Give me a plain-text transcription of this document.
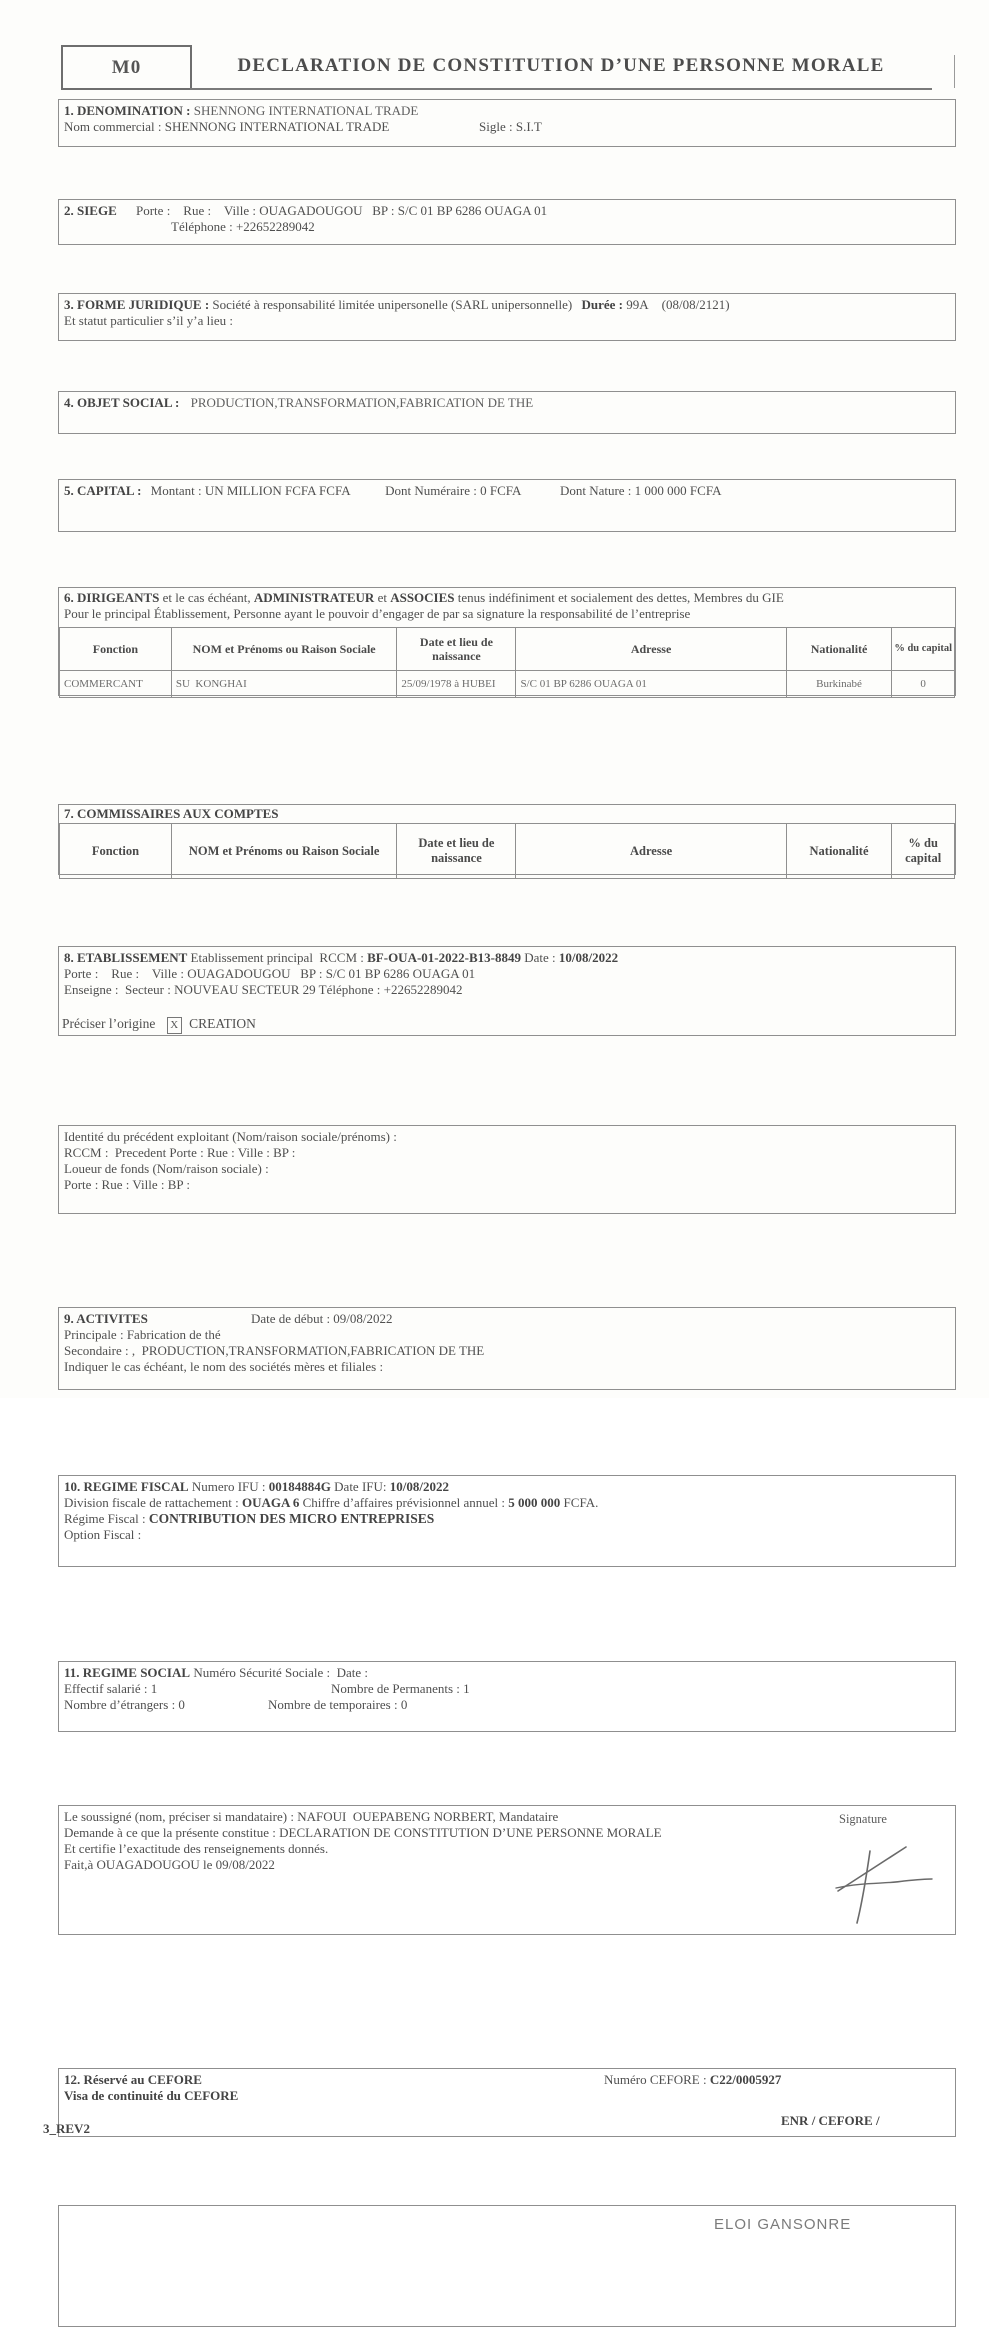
M0	DECLARATION DE CONSTITUTION D’UNE PERSONNE MORALE
1. DENOMINATION : SHENNONG INTERNATIONAL TRADE
Nom commercial : SHENNONG INTERNATIONAL TRADE	Sigle : S.I.T
2. SIEGE Porte :    Rue :    Ville : OUAGADOUGOU   BP : S/C 01 BP 6286 OUAGA 01
Téléphone : +22652289042
3. FORME JURIDIQUE : Société à responsabilité limitée unipersonelle (SARL unipersonnelle) Durée : 99A    (08/08/2121)
Et statut particulier s’il y’a lieu :
4. OBJET SOCIAL : PRODUCTION,TRANSFORMATION,FABRICATION DE THE
5. CAPITAL : Montant : UN MILLION FCFA FCFA	Dont Numéraire : 0 FCFA	Dont Nature : 1 000 000 FCFA
6. DIRIGEANTS et le cas échéant, ADMINISTRATEUR et ASSOCIES tenus indéfiniment et socialement des dettes, Membres du GIE
Pour le principal Établissement, Personne ayant le pouvoir d’engager de par sa signature la responsabilité de l’entreprise
Fonction	NOM et Prénoms ou Raison Sociale	Date et lieu de naissance	Adresse	Nationalité	% du capital
COMMERCANT	SU  KONGHAI	25/09/1978 à HUBEI	S/C 01 BP 6286 OUAGA 01	Burkinabé	0
7. COMMISSAIRES AUX COMPTES
Fonction	NOM et Prénoms ou Raison Sociale	Date et lieu de naissance	Adresse	Nationalité	% du capital
8. ETABLISSEMENT Etablissement principal  RCCM : BF-OUA-01-2022-B13-8849 Date : 10/08/2022
Porte :    Rue :    Ville : OUAGADOUGOU   BP : S/C 01 BP 6286 OUAGA 01
Enseigne :  Secteur : NOUVEAU SECTEUR 29 Téléphone : +22652289042
Préciser l’origine X CREATION
Identité du précédent exploitant (Nom/raison sociale/prénoms) :
RCCM :  Precedent Porte : Rue : Ville : BP :
Loueur de fonds (Nom/raison sociale) :
Porte : Rue : Ville : BP :
9. ACTIVITES	Date de début : 09/08/2022
Principale : Fabrication de thé
Secondaire : ,  PRODUCTION,TRANSFORMATION,FABRICATION DE THE
Indiquer le cas échéant, le nom des sociétés mères et filiales :
10. REGIME FISCAL Numero IFU : 00184884G Date IFU: 10/08/2022
Division fiscale de rattachement : OUAGA 6 Chiffre d’affaires prévisionnel annuel : 5 000 000 FCFA.
Régime Fiscal : CONTRIBUTION DES MICRO ENTREPRISES
Option Fiscal :
11. REGIME SOCIAL Numéro Sécurité Sociale :  Date :
Effectif salarié : 1	Nombre de Permanents : 1
Nombre d’étrangers : 0	Nombre de temporaires : 0
Le soussigné (nom, préciser si mandataire) : NAFOUI  OUEPABENG NORBERT, Mandataire
Demande à ce que la présente constitue : DECLARATION DE CONSTITUTION D’UNE PERSONNE MORALE
Et certifie l’exactitude des renseignements donnés.
Fait,à OUAGADOUGOU le 09/08/2022
Signature
12. Réservé au CEFORE	Numéro CEFORE : C22/0005927
Visa de continuité du CEFORE
ENR / CEFORE /
3_REV2
ELOI GANSONRE
